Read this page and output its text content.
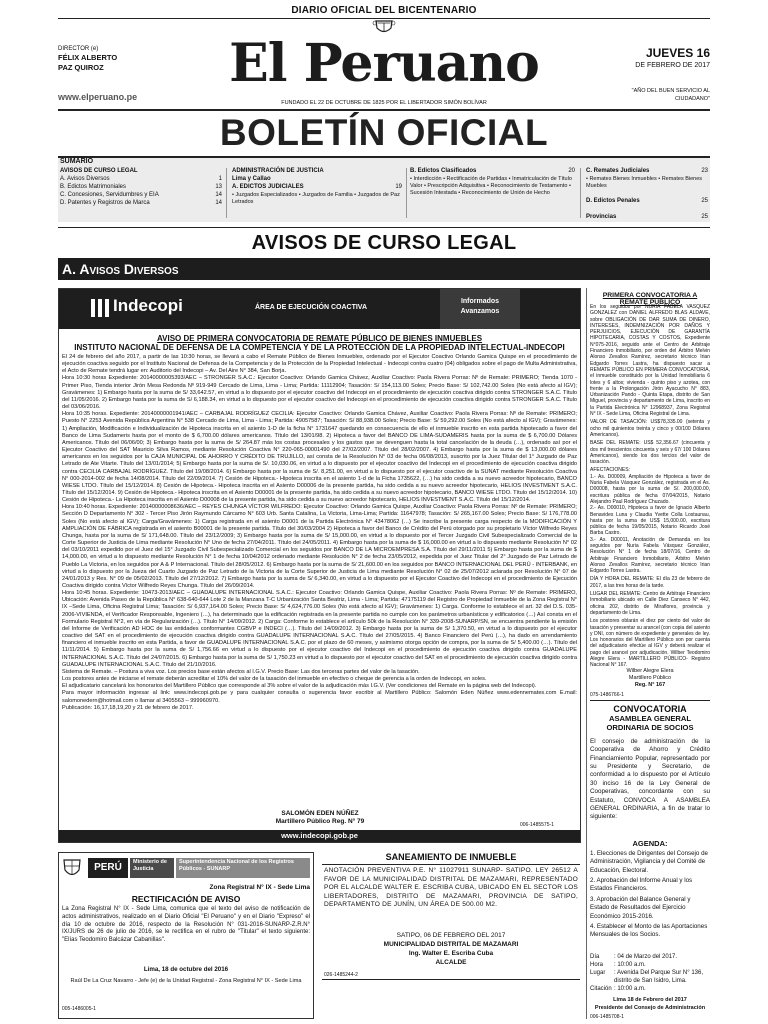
DIARIO OFICIAL DEL BICENTENARIO
DIRECTOR (e)
FÉLIX ALBERTO
PAZ QUIROZ	El Peruano
FUNDADO EL 22 DE OCTUBRE DE 1825 POR EL LIBERTADOR SIMÓN BOLÍVAR
www.elperuano.pe
JUEVES 16
DE FEBRERO DE 2017
"AÑO DEL BUEN SERVICIO AL CIUDADANO"
BOLETÍN OFICIAL
SUMARIO
AVISOS DE CURSO LEGAL
A. Avisos Diversos	1
B. Edictos Matrimoniales	13
C. Concesiones, Servidumbres y EIA	14
D. Patentes y Registros de Marca	14
ADMINISTRACIÓN DE JUSTICIA
Lima y Callao
A. EDICTOS JUDICIALES	19
• Juzgados Especializados • Juzgados de Familia • Juzgados de Paz Letrados
B. Edictos Clasificados	20
• Interdicción • Rectificación de Partidas • Inmatriculación de Título Valor • Prescripción Adquisitiva • Reconocimiento de Testamento • Sucesión Intestada • Reconocimiento de Unión de Hecho
C. Remates Judiciales	23
• Remates Bienes Inmuebles • Remates Bienes Muebles
D. Edictos Penales	25
Provincias	25
AVISOS DE CURSO LEGAL
A. Avisos Diversos
Indecopi	ÁREA DE EJECUCIÓN COACTIVA
Informados
Avanzamos
AVISO DE PRIMERA CONVOCATORIA DE REMATE PÚBLICO DE BIENES INMUEBLES
INSTITUTO NACIONAL DE DEFENSA DE LA COMPETENCIA Y DE LA PROTECCIÓN DE LA PROPIEDAD INTELECTUAL-INDECOPI

El 24 de febrero del año 2017, a partir de las 10:30 horas, se llevará a cabo el Remate Público de Bienes Inmuebles, ordenado por el Ejecutor Coactivo Orlando Gamica Quispe en el procedimiento de ejecución coactiva seguido por el Instituto Nacional de Defensa de la Competencia y de la Protección de la Propiedad Intelectual - Indecopi contra cuatro (04) obligados sobre el pago de Multa Administrativa, el Acto de Remate tendrá lugar en: Auditorio del Indecopi – Av. Del Aire N° 384, San Borja.

Hora 10:30 horas Expediente: 20140000005393/AEC – STRONGER S.A.C.: Ejecutor Coactivo: Orlando Gamica Chávez, Auxiliar Coactivo: Paola Rivera Porras: Nº de Remate: PRIMERO; Tienda 1070 - Primer Piso, Tienda interior Jirón Mesa Redonda Nº 919-949 Cercado de Lima, Lima - Lima; Partida: 11112904; Tasación: S/ 154,113.00 Soles; Precio Base: S/ 102,742.00 Soles (No está afecto al IGV); Gravámenes: 1) Embargo hasta por la suma de S/ 33,642.57, en virtud a lo dispuesto por el ejecutor coactivo del Indecopi en el procedimiento de ejecución coactiva dirigido contra STRONGER S.A.C. Título del 11/05/2016. 2) Embargo hasta por la suma de S/ 6,188.34, en virtud a lo dispuesto por el ejecutor coactivo del Indecopi en el procedimiento de ejecución coactiva dirigido contra STRONGER S.A.C. Título del 03/06/2016.

Hora 10:35 horas. Expediente: 20140000001941/AEC – CARBAJAL RODRÍGUEZ CECILIA: Ejecutor Coactivo: Orlando Gamica Chávez, Auxiliar Coactivo: Paola Rivera Porras: Nº de Remate: PRIMERO; Puesto N° 2253 Avenida República Argentina N° 538 Cercado de Lima, Lima - Lima; Partida: 49057587; Tasación: S/ 88,938.00 Soles; Precio Base: S/ 59,292.00 Soles (No está afecto al IGV); Gravámenes: 1) Ampliación, Modificación e Individualización de Hipoteca inscrita en el asiento 1-D de la ficha N° 1731647 quedando en consecuencia de ello el inmueble inscrito en esta partida hipotecado a favor del Banco de Lima Sudameris hasta por el monto de $ 6,700.00 dólares americanos. Título del 13/01/98. 2) Hipoteca a favor del BANCO DE LIMA-SUDAMERIS hasta por la suma de $ 6,700.00 Dólares Americanos. Título del 06/06/00; 3) Embargo hasta por la suma de S/ 264.87 más los costas procesales y los gastos que se devenguen hasta la total cancelación de la deuda (…), ordenado así por el Ejecutor Coactivo del SAT Mauricio Silva Ramos, mediante Resolución Coactiva N° 220-065-00001490 del 27/02/2007. Título del 28/02/2007. 4) Embargo hasta por la suma de $ 13,000.00 dólares americanos en los seguidos por la CAJA MUNICIPAL DE AHORRO Y CRÉDITO DE TRUJILLO, así consta de la Resolución N° 03 de fecha 06/08/2013, suscrito por la Juez Titular del 1° Juzgado de Paz Letrado de Ate Vitarte. Título del 13/01/2014; 5) Embargo hasta por la suma de S/. 10,030.06, en virtud a lo dispuesto por el ejecutor coactivo del Indecopi en el procedimiento de ejecución coactiva dirigido contra CECILIA CARBAJAL RODRÍGUEZ. Título del 19/08/2014. 6) Embargo hasta por la suma de S/. 8,251.00, en virtud a lo dispuesto por el ejecutor coactivo de la SUNAT mediante Resolución Coactiva N° 000-2014-002 de fecha 14/08/2014. Título del 22/09/2014. 7) Cesión de Hipoteca.- Hipoteca inscrita en el asiento 1-d de la Ficha 1735622, (…) ha sido cedida a su nuevo acreedor hipotecario, BANCO WIESE LTDO. Título del 15/12/2014. 8) Cesión de Hipoteca.- Hipoteca inscrita en el Asiento D00006 de la presente partida, ha sido cedida a su nuevo acreedor hipotecario, HELIOS INVESTMENT S.A.C. Título del 15/12/2014. 9) Cesión de Hipoteca.- Hipoteca inscrita en el Asiento D00001 de la presente partida, ha sido cedida a su nuevo acreedor hipotecario, BANCO WIESE LTDO. Título del 15/12/2014. 10) Cesión de Hipoteca.- La Hipoteca inscrita en el Asiento D00008 de la presente partida, ha sido cedida a su nuevo acreedor hipotecario, HELIOS INVESTMENT S.A.C. Título del 15/12/2014.

Hora 10:40 horas. Expediente: 20140000008636/AEC – REYES CHUNGA VÍCTOR WILFREDO: Ejecutor Coactivo: Orlando Gamica Quispe, Auxiliar Coactivo: Paola Rivera Porras: Nº de Remate: PRIMERO; Sección D Departamento N° 302 - Tercer Piso Jirón Raymundo Cárcamo N° 603 Urb. Santa Catalina, La Victoria, Lima-Lima; Partida: 11647978; Tasación: S/ 265,167.00 Soles; Precio Base: S/ 176,778.00 Soles (No está afecto al IGV); Carga/Gravámenes: 1) Carga registrada en el asiento D0001 de la Partida Electrónica N° 43478062 (…) Se inscribe la presente carga respecto de la MODIFICACIÓN Y AMPLIACIÓN DE FÁBRICA registrada en el asiento B00001 de la presente partida. Título del 30/03/2004 2) Hipoteca a favor del Banco de Crédito del Perú otorgado por su propietario Víctor Wilfredo Reyes Chunga, hasta por la suma de S/ 171,648.00. Título del 23/12/2009; 3) Embargo hasta por la suma de S/ 15,000.00, en virtud a lo dispuesto por el Tercer Juzgado Civil Subespecializado Comercial de la Corte Superior de Justicia de Lima mediante Resolución N° Uno de fecha 27/04/2011. Título del 24/05/2011. 4) Embargo hasta por la suma de $ 16,000.00 en virtud a lo dispuesto mediante Resolución N° 02 del 03/10/2011 expedido por el Juez del 15° Juzgado Civil Subespecializado Comercial en los seguidos por BANCO DE LA MICROEMPRESA S.A. Título del 29/11/2011 5) Embargo hasta por la suma de $ 14,000.00, en virtud a lo dispuesto mediante Resolución N° 1 de fecha 10/04/2012 ordenado mediante Resolución N° 2 de fecha 23/05/2012, expedida por el Juez Titular del 2° Juzgado de Paz Letrado de Pueblo La Victoria, en los seguidos por A & P Internacional. Título del 28/05/2012. 6) Embargo hasta por la suma de S/ 21,600.00 en los seguidos por BANCO INTERNACIONAL DEL PERÚ - INTERBANK, en virtud a lo dispuesto por la Jueza del Cuarto Juzgado de Paz Letrado de la Victoria de la Corte Superior de Justicia de Lima mediante Resolución N° 02 de 25/07/2012 aclarada por Resolución N° 07 de 24/01/2013 y Res. N° 09 de 05/02/2013. Título del 27/12/2012. 7) Embargo hasta por la suma de S/ 6,340.00, en virtud a lo dispuesto por el Ejecutor Coactivo del Indecopi en el procedimiento de Ejecución Coactiva dirigido contra Víctor Wilfredo Reyes Chunga. Título del 26/09/2014.

Hora 10:45 horas. Expediente: 10473-2013/AEC – GUADALUPE INTERNACIONAL S.A.C.: Ejecutor Coactivo: Orlando Gamica Quispe, Auxiliar Coactivo: Paola Rivera Porras: Nº de Remate: PRIMERO, Ubicación: Avenida Paseo de la República N° 638-640-644 Lote 2 de la Manzana T-C Urbanización Santa Beatriz, Lima - Lima; Partida: 47175119 del Registro de Propiedad Inmueble de la Zona Registral N° IX –Sede Lima, Oficina Registral Lima; Tasación: S/ 6,937,164.00 Soles; Precio Base: S/ 4,624,776.00 Soles (No está afecto al IGV); Gravámenes: 1) Carga. Conforme lo establece el art. 32 del D.S. 035-2006-VIVIENDA, el Verificador Responsable, Ingeniero (…), ha determinado que la edificación registrada en la presente partida no cumple con los parámetros urbanísticos y edificatorios (…) Así consta en el Formulario Registral N°2, en vía de Regularización (…). Título N° 14/09/2012. 2) Carga: Conforme lo establece el artículo 50k de la Resolución N° 339-2008-SUNARP/SN, se encuentra pendiente la emisión del Informe de Verificación AD HOC de las entidades conformantes CGBVP e INDECI (…). Título del 14/09/2012. 3) Embargo hasta por la suma de S/ 1,370.50, en virtud a lo dispuesto por el ejecutor coactivo del SAT en el procedimiento de ejecución coactiva dirigido contra GUADALUPE INTERNACIONAL S.A.C. Título del 27/05/2015. 4) Banco Financiero del Perú (…), ha dado en arrendamiento financiero el inmueble inscrito en esta Partida, a favor de GUADALUPE INTERNACIONAL S.A.C. por el plazo de 60 meses, y asimismo otorga opción de compra, por la suma de S/ 5,400.00 (…). Título del 11/11/2014. 5) Embargo hasta por la suma de S/ 1,756.66 en virtud a lo dispuesto por el ejecutor coactivo del Indecopi en el procedimiento de ejecución coactiva dirigido contra GUADALUPE INTERNACIONAL S.A.C. Título del 24/07/2015. 6) Embargo hasta por la suma de S/ 1,750.23 en virtud a lo dispuesto por el ejecutor coactivo del SAT en el procedimiento de ejecución coactiva dirigido contra GUADALUPE INTERNACIONAL S.A.C. Título del 21/10/2016.

Sistema de Remate. – Postura a viva voz. Los precios base están afectos al I.G.V. Precio Base: Las dos terceras partes del valor de la tasación.

Los postores antes de iniciarse el remate deberán acreditar el 10% del valor de la tasación del inmueble en efectivo o cheque de gerencia a la orden de Indecopi, en soles.

El adjudicatario cancelará los honorarios del Martillero Público que corresponde al 3% sobre el valor de la adjudicación más I.G.V. (Ver condiciones del Remate en la página web del Indecopi).

Para mayor información ingresar al link: www.indecopi.gob.pe y para cualquier consulta o sugerencia favor escribir al Martillero Público: Salomón Eden Núñez www.edennemates.com E.mail: salomonedern@hotmail.com o llamar al 3405563 – 999960970.

Publicación: 16,17,18,19,20 y 21 de febrero de 2017.

SALOMÓN EDEN NÚÑEZ
Martillero Público Reg. N° 79	006-1485575-1
www.indecopi.gob.pe
PERÚ	Ministerio de Justicia
Superintendencia Nacional de los Registros Públicos - SUNARP
Zona Registral N° IX - Sede Lima
RECTIFICACIÓN DE AVISO
La Zona Registral N° IX - Sede Lima, comunica que el texto del aviso de notificación de actos administrativos, realizado en el Diario Oficial "El Peruano" y en el Diario "Expreso" el día 10 de octubre de 2016, respecto de la Resolución N° 031-2016-SUNARP-Z.R.N° IX/JURS de 26 de julio de 2016, se le rectifica en el rubro de "Titular" el texto siguiente: "Elías Teodomiro Balcázar Cabanillas".
Lima, 18 de octubre del 2016
Raúl De La Cruz Navarro - Jefe (e) de la Unidad Registral - Zona Registral N° IX - Sede Lima
005-1486005-1
SANEAMIENTO DE INMUEBLE
ANOTACIÓN PREVENTIVA P.E. N° 11027911 SUNARP- SATIPO. LEY 26512 A FAVOR DE LA MUNICIPALIDAD DISTRITAL DE MAZAMARI, REPRESENTADO POR EL ALCALDE WALTER E. ESCRIBA CUBA, UBICADO EN EL SECTOR LOS LIBERTADORES, DISTRITO DE MAZAMARI, PROVINCIA DE SATIPO, DEPARTAMENTO DE JUNÍN, UN ÁREA DE 500.00 M2.
SATIPO, 06 DE FEBRERO DEL 2017
MUNICIPALIDAD DISTRITAL DE MAZAMARI
Ing. Walter E. Escriba Cuba
ALCALDE
026-1485244-2
PRIMERA CONVOCATORIA A REMATE PÚBLICO

En los seguidos por NURIA FABELA VASQUEZ GONZALEZ con DANIEL ALFREDO BLAS ALDAVE, sobre OBLIGACIÓN DE DAR SUMA DE DINERO, INTERESES, INDEMNIZACIÓN POR DAÑOS Y PERJUICIOS, EJECUCIÓN DE GARANTÍA HIPOTECARIA, COSTAS Y COSTOS, Expediente N°075-2016, seguido ante el Centro de Arbitraje Financiero Inmobiliario, por orden del Árbitro Melvin Alonso Zevallos Ramírez, secretario técnico Irian Edgardo Torres Lastra, ha dispuesto sacar a REMATE PÚBLICO EN PRIMERA CONVOCATORIA, el inmueble constituido por la Unidad Inmobiliaria 6 lotes y 6 altos; vivienda - quinto piso y azotea, con frente a la Prolongación Jirón Ayacucho N° 883, Urbanización Pando - Quinta Etapa, distrito de San Miguel, provincia y departamento de Lima, inscrito en la Partida Electrónica N° 12968937, Zona Registral N° IX - Sede Lima, Oficina Registral de Lima.

VALOR DE TASACIÓN: US$78,335.00 (setenta y ocho mil quinientos treinta y cinco y 00/100 Dólares Americanos).

BASE DEL REMATE: US$ 52,356.67 (cincuenta y dos mil trescientos cincuenta y seis y 67/ 100 Dólares Americanos), siendo los dos tercios del valor de tasación.

AFECTACIONES:

1.- As. D00009, Ampliación de Hipoteca a favor de Nuria Fabela Vásquez González, registrada en el As. D00008, hasta por la suma de S/. 200,000.00, escritura pública de fecha 07/04/2015, Notario Alejandro Paul Rodríguez Chuzado.

2.- As. D00010, Hipoteca a favor de Ignacio Alberto Benavides Luna y Claudia Yvette Colla Lostaunau, hasta por la suma de US$ 15,000.00, escritura pública de fecha 19/05/2015, Notario Ricardo José Barba Castro.

3.- As. D00011, Anotación de Demanda en los seguidos por Nuria Fabela Vásquez González, Resolución N° 1 de fecha 18/07/16, Centro de Arbitraje Financiero Inmobiliario, Árbitro Melvin Alonso Zevallos Ramírez, secretario técnico Irian Edgardo Torres Lastra.

DÍA Y HORA DEL REMATE: El día 23 de febrero de 2017, a las tres horas de la tarde.

LUGAR DEL REMATE: Centro de Arbitraje Financiero Inmobiliario ubicado en Calle Diez Canseco N° 442, oficina 202, distrito de Miraflores, provincia y departamento de Lima.

Los postores oblarán el diez por ciento del valor de tasación y presentar su arancel (con copia del asiento y DNI, con número de expediente y generales de ley. Los honorarios del Martillero Público son por cuenta del adjudicatario efectúe al IGV y deberá realizar el pago del arancel por adjudicación. Wilber Teodomiro Alegre Elera - MARTILLERO PÚBLICO- Registro Nacional N° 167.

Wilber Alegre Elera
Martillero Público
Reg. N° 167
075-1486766-1
CONVOCATORIA
ASAMBLEA GENERAL ORDINARIA DE SOCIOS
El consejo de administración de la Cooperativa de Ahorro y Crédito Financiamiento Popular, representado por su Presidente y Secretario, de conformidad a lo dispuesto por el Artículo 30 inciso 16 de la Ley General de Cooperativas, concordante con su Estatuto, CONVOCA A ASAMBLEA GENERAL ORDINARIA, a fin de tratar lo siguiente:
AGENDA:
1. Elecciones de Dirigentes del Consejo de Administración, Vigilancia y del Comité de Educación, Electoral.
2. Aprobación del Informe Anual y los Estados Financieros.
3. Aprobación del Balance General y Estado de Resultados del Ejercicio Económico 2015-2016.
4. Establecer el Monto de las Aportaciones Mensuales de los Socios.
Día	: 04 de Marzo del 2017.
Hora	: 10:00 a.m.
Lugar	: Avenida Del Parque Sur N° 136, distrito de San Isidro, Lima.
Citación : 10:00 a.m.
Lima 18 de Febrero del 2017
Presidente del Consejo de Administración
006-1485708-1
